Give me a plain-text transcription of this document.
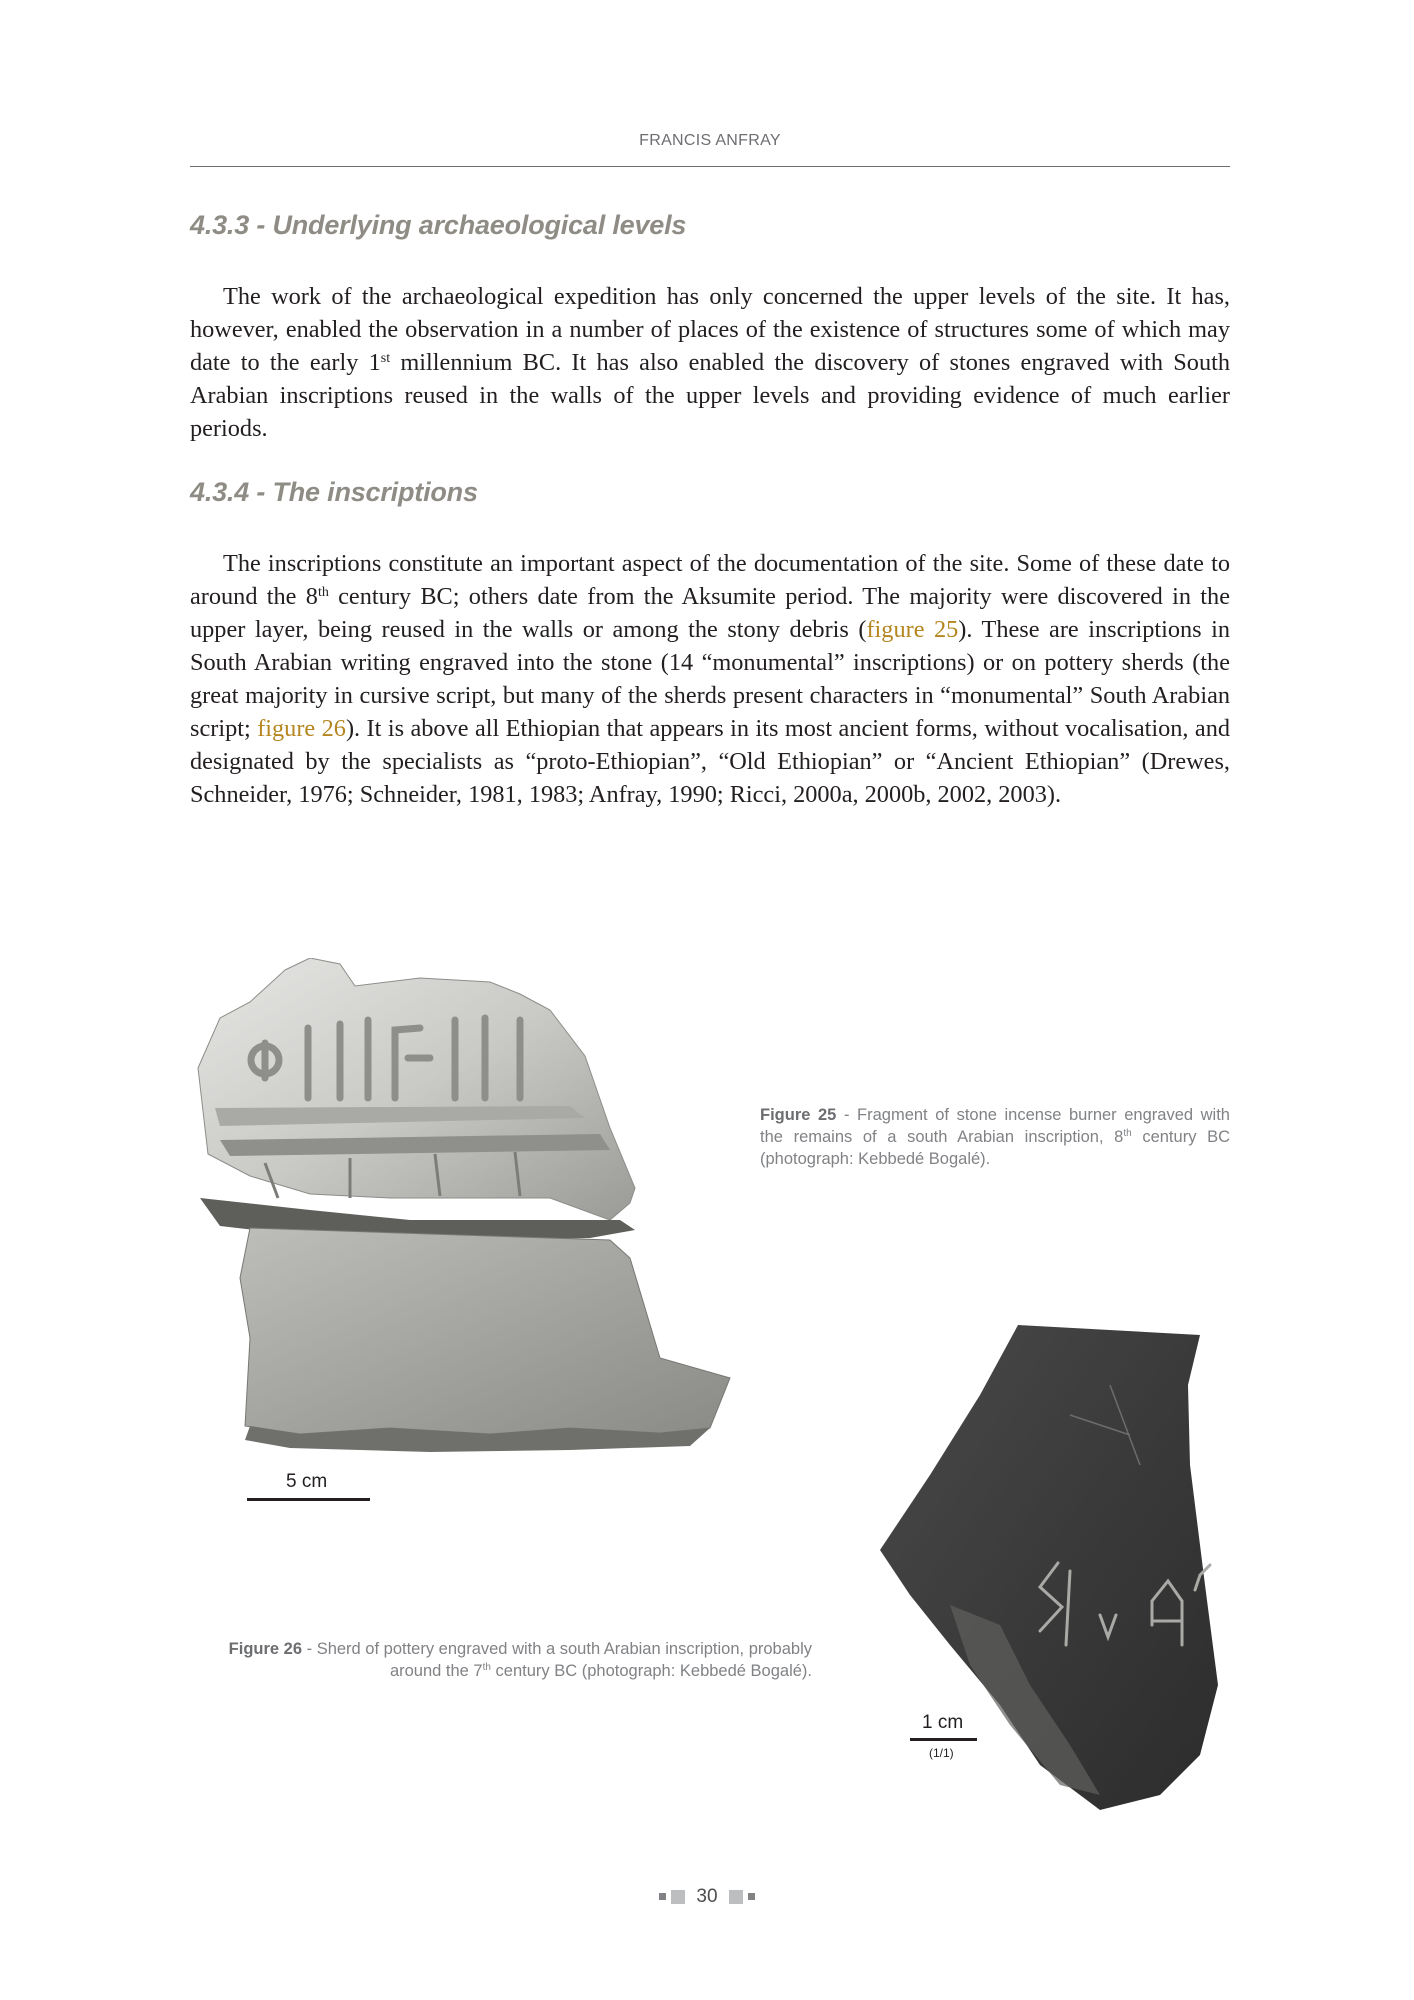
FRANCIS ANFRAY
4.3.3 - Underlying archaeological levels

The work of the archaeological expedition has only concerned the upper levels of the site. It has, however, enabled the observation in a number of places of the existence of structures some of which may date to the early 1st millennium BC. It has also enabled the discovery of stones engraved with South Arabian inscriptions reused in the walls of the upper levels and providing evidence of much earlier periods.

4.3.4 - The inscriptions

The inscriptions constitute an important aspect of the documentation of the site. Some of these date to around the 8th century BC; others date from the Aksumite period. The majority were discovered in the upper layer, being reused in the walls or among the stony debris (figure 25). These are inscriptions in South Arabian writing engraved into the stone (14 “monumental” inscriptions) or on pottery sherds (the great majority in cursive script, but many of the sherds present characters in “monumental” South Arabian script; figure 26). It is above all Ethiopian that appears in its most ancient forms, without vocalisation, and designated by the specialists as “proto-Ethiopian”, “Old Ethiopian” or “Ancient Ethiopian” (Drewes, Schneider, 1976; Schneider, 1981, 1983; Anfray, 1990; Ricci, 2000a, 2000b, 2002, 2003).

Figure 25 - Fragment of stone incense burner engraved with the remains of a south Arabian inscription, 8th century BC (photograph: Kebbedé Bogalé).
5 cm
Figure 26 - Sherd of pottery engraved with a south Arabian inscription, probably around the 7th century BC (photograph: Kebbedé Bogalé).
1 cm
(1/1)
30
